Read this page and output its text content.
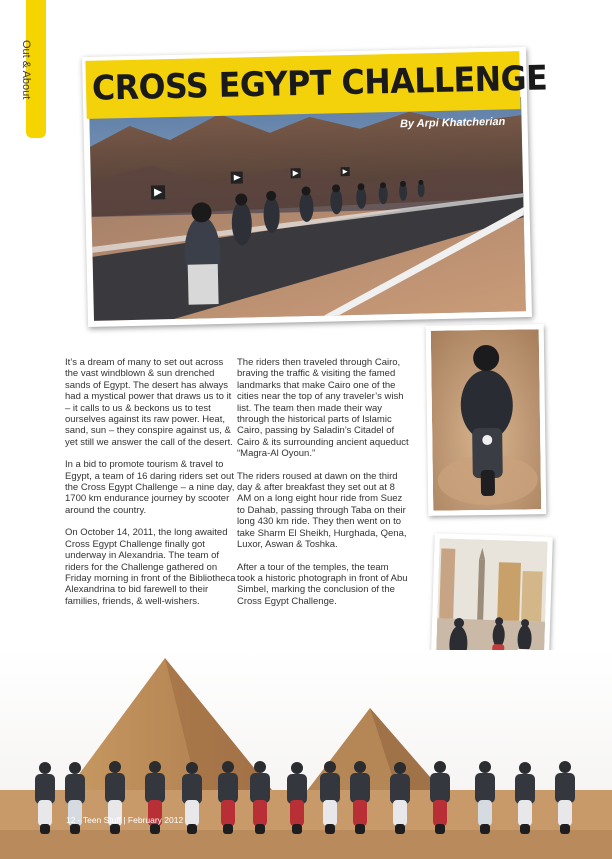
Out & About CROSS EGYPT CHALLENGE
By Arpi Khatcherian

It’s a dream of many to set out across the vast windblown & sun drenched sands of Egypt. The desert has always had a mystical power that draws us to it – it calls to us & beckons us to test ourselves against its raw power. Heat, sand, sun – they conspire against us, & yet still we answer the call of the desert.

In a bid to promote tourism & travel to Egypt, a team of 16 daring riders set out the Cross Egypt Challenge – a nine day, 1700 km endurance journey by scooter around the country.

On October 14, 2011, the long awaited Cross Egypt Challenge finally got underway in Alexandria. The team of riders for the Challenge gathered on Friday morning in front of the Bibliotheca Alexandrina to bid farewell to their families, friends, & well-wishers.

The riders then traveled through Cairo, braving the traffic & visiting the famed landmarks that make Cairo one of the cities near the top of any traveler’s wish list. The team then made their way through the historical parts of Islamic Cairo, passing by Saladin’s Citadel of Cairo & its surrounding ancient aqueduct “Magra-Al Oyoun.”

The riders roused at dawn on the third day & after breakfast they set out at 8 AM on a long eight hour ride from Suez to Dahab, passing through Taba on their long 430 km ride. They then went on to take Sharm El Sheikh, Hurghada, Qena, Luxor, Aswan & Toshka.

After a tour of the temples, the team took a historic photograph in front of Abu Simbel, marking the conclusion of the Cross Egypt Challenge.

12 - Teen Stuff | February 2012
